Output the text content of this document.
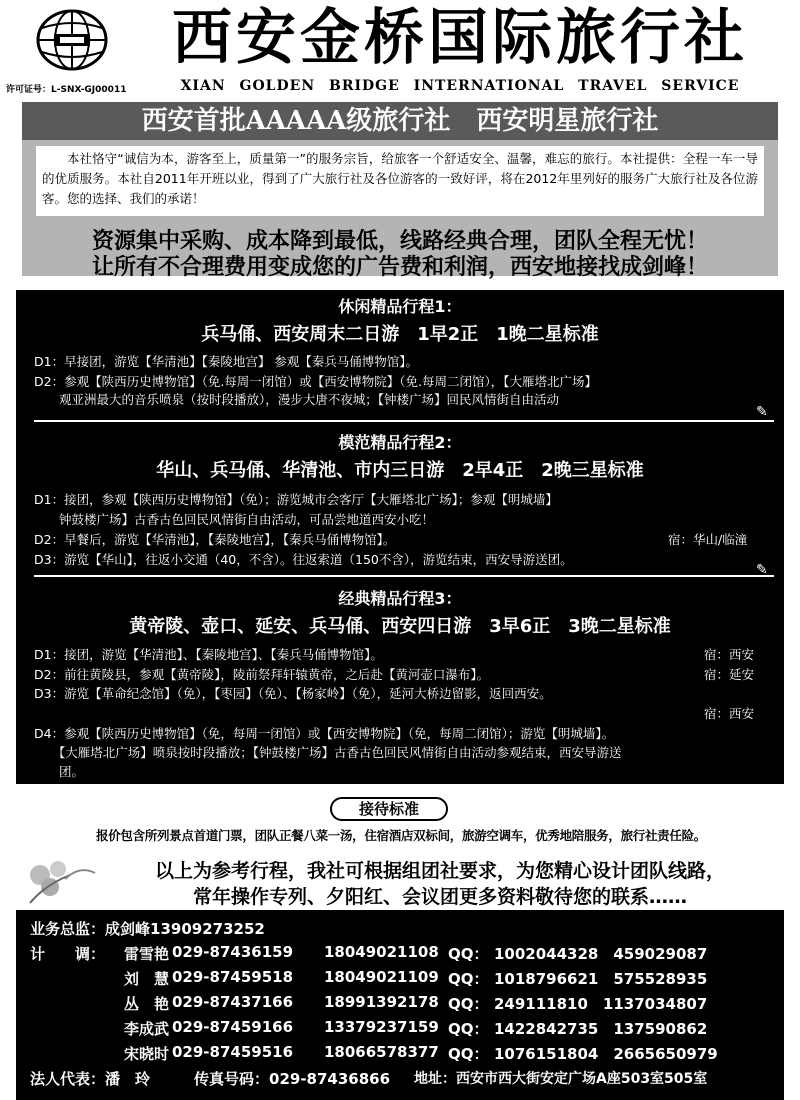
许可证号：L-SNX-GJ00011
西安金桥国际旅行社
XIAN GOLDEN BRIDGE INTERNATIONAL TRAVEL SERVICE
西安首批AAAAA级旅行社　西安明星旅行社
本社恪守“诚信为本，游客至上，质量第一”的服务宗旨，给旅客一个舒适安全、温馨，难忘的旅行。本社提供：全程一车一导的优质服务。本社自2011年开班以业，得到了广大旅行社及各位游客的一致好评，将在2012年里列好的服务广大旅行社及各位游客。您的选择、我们的承诺！
资源集中采购、成本降到最低，线路经典合理，团队全程无忧！
让所有不合理费用变成您的广告费和利润，西安地接找成剑峰！
休闲精品行程1：
兵马俑、西安周末二日游　1早2正　1晚二星标准
D1：早接团，游览【华清池】【秦陵地宫】 参观【秦兵马俑博物馆】。
D2：参观【陕西历史博物馆】（免.每周一闭馆）或【西安博物院】（免.每周二闭馆），【大雁塔北广场】
　　观亚洲最大的音乐喷泉（按时段播放），漫步大唐不夜城；【钟楼广场】回民风情街自由活动
✎
模范精品行程2：
华山、兵马俑、华清池、市内三日游　2早4正　2晚三星标准
D1：接团，参观【陕西历史博物馆】（免）；游览城市会客厅【大雁塔北广场】；参观【明城墙】
　　钟鼓楼广场】古香古色回民风情街自由活动，可品尝地道西安小吃！
D2：早餐后，游览【华清池】，【秦陵地宫】，【秦兵马俑博物馆】。	宿：华山/临潼
D3：游览【华山】，往返小交通（40，不含）。往返索道（150不含），游览结束，西安导游送团。
✎
经典精品行程3：
黄帝陵、壶口、延安、兵马俑、西安四日游　3早6正　3晚二星标准
D1：接团，游览【华清池】、【秦陵地宫】、【秦兵马俑博物馆】。	宿：西安
D2：前往黄陵县，参观【黄帝陵】，陵前祭拜轩辕黄帝，之后赴【黄河壶口瀑布】。	宿：延安
D3：游览【革命纪念馆】（免），【枣园】（免）、【杨家岭】（免），延河大桥边留影，返回西安。
宿：西安
D4：参观【陕西历史博物馆】（免，每周一闭馆）或【西安博物院】（免，每周二闭馆）；游览【明城墙】。
　　【大雁塔北广场】喷泉按时段播放；【钟鼓楼广场】古香古色回民风情街自由活动参观结束，西安导游送
　　团。
接待标准
报价包含所列景点首道门票，团队正餐八菜一汤，住宿酒店双标间，旅游空调车，优秀地陪服务，旅行社责任险。
以上为参考行程，我社可根据组团社要求，为您精心设计团队线路，
常年操作专列、夕阳红、会议团更多资料敬待您的联系……
业务总监：成剑峰13909273252
计　　调： 雷雪艳 029-87436159 18049021108 QQ： 1002044328　459029087
刘　慧 029-87459518 18049021109 QQ： 1018796621　575528935
丛　艳 029-87437166 18991392178 QQ： 249111810　1137034807
李成武 029-87459166 13379237159 QQ： 1422842735　137590862
宋晓时 029-87459516 18066578377 QQ： 1076151804　2665650979
法人代表：潘　玲	传真号码：029-87436866 地址：西安市西大街安定广场A座503室505室
